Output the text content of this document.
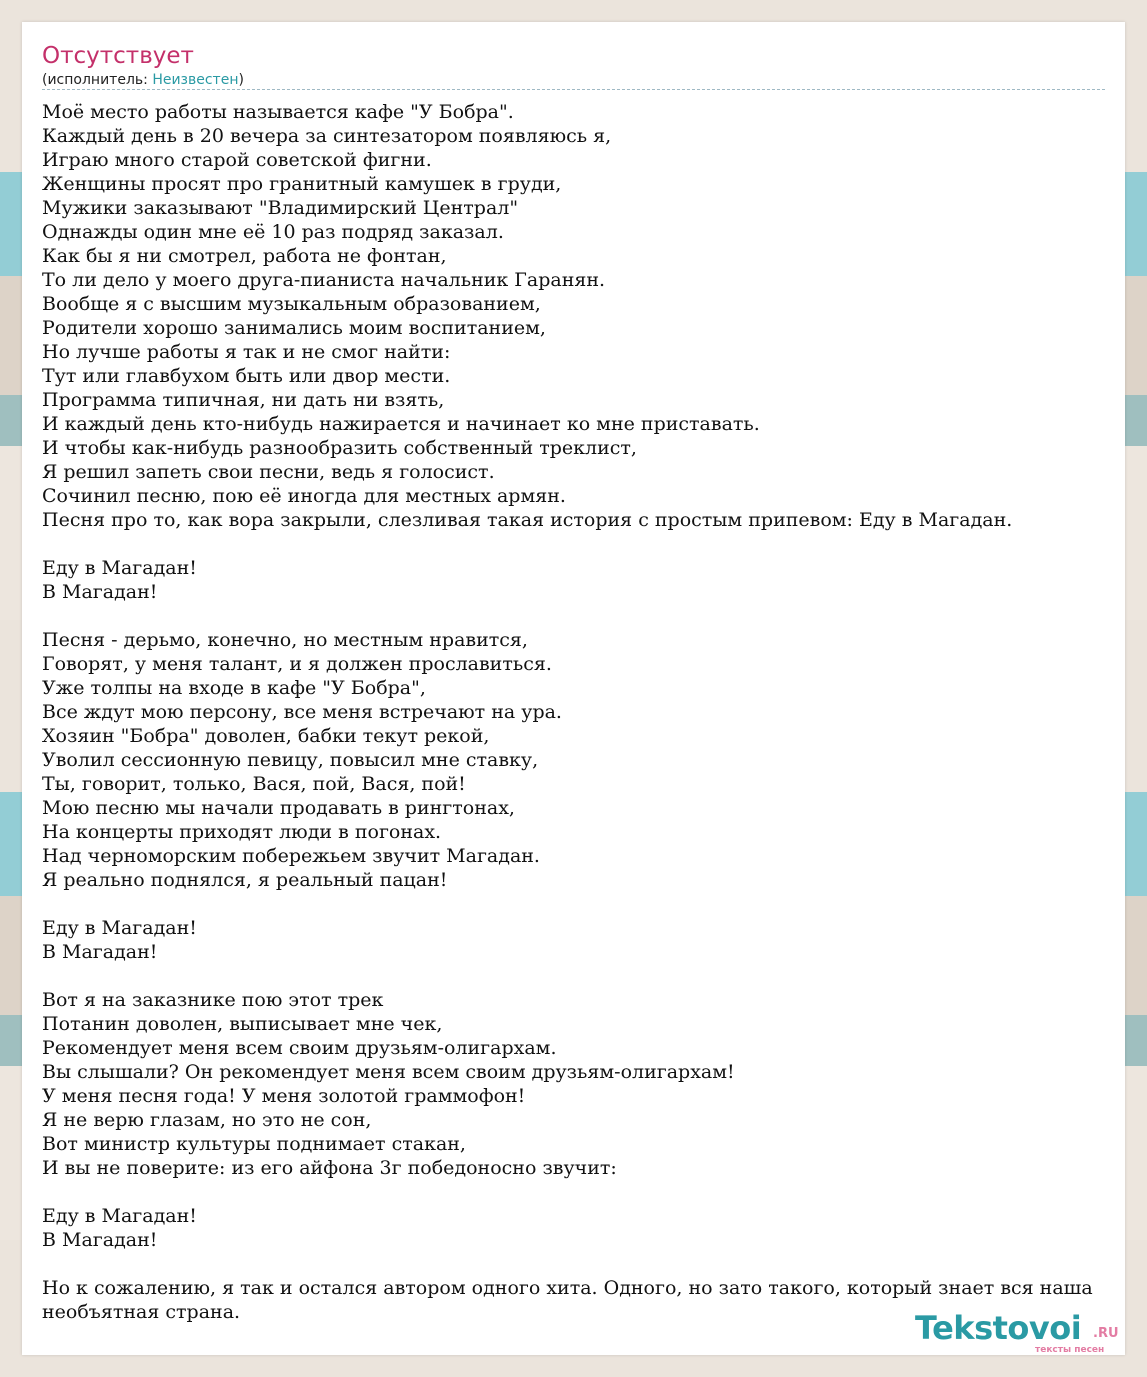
Отсутствует
(исполнитель: Неизвестен)
Моё место работы называется кафе "У Бобра".
Каждый день в 20 вечера за синтезатором появляюсь я,
Играю много старой советской фигни.
Женщины просят про гранитный камушек в груди,
Мужики заказывают "Владимирский Централ"
Однажды один мне её 10 раз подряд заказал.
Как бы я ни смотрел, работа не фонтан,
То ли дело у моего друга-пианиста начальник Гаранян.
Вообще я с высшим музыкальным образованием,
Родители хорошо занимались моим воспитанием,
Но лучше работы я так и не смог найти:
Тут или главбухом быть или двор мести.
Программа типичная, ни дать ни взять,
И каждый день кто-нибудь нажирается и начинает ко мне приставать.
И чтобы как-нибудь разнообразить собственный треклист,
Я решил запеть свои песни, ведь я голосист.
Сочинил песню, пою её иногда для местных армян.
Песня про то, как вора закрыли, слезливая такая история с простым припевом: Еду в Магадан.
Еду в Магадан!
В Магадан!
Песня - дерьмо, конечно, но местным нравится,
Говорят, у меня талант, и я должен прославиться.
Уже толпы на входе в кафе "У Бобра",
Все ждут мою персону, все меня встречают на ура.
Хозяин "Бобра" доволен, бабки текут рекой,
Уволил сессионную певицу, повысил мне ставку,
Ты, говорит, только, Вася, пой, Вася, пой!
Мою песню мы начали продавать в рингтонах,
На концерты приходят люди в погонах.
Над черноморским побережьем звучит Магадан.
Я реально поднялся, я реальный пацан!
Еду в Магадан!
В Магадан!
Вот я на заказнике пою этот трек
Потанин доволен, выписывает мне чек,
Рекомендует меня всем своим друзьям-олигархам.
Вы слышали? Он рекомендует меня всем своим друзьям-олигархам!
У меня песня года! У меня золотой граммофон!
Я не верю глазам, но это не сон,
Вот министр культуры поднимает стакан,
И вы не поверите: из его айфона 3г победоносно звучит:
Еду в Магадан!
В Магадан!
Но к сожалению, я так и остался автором одного хита. Одного, но зато такого, который знает вся наша
необъятная страна.	Tekstovoi .RU
тексты песен
